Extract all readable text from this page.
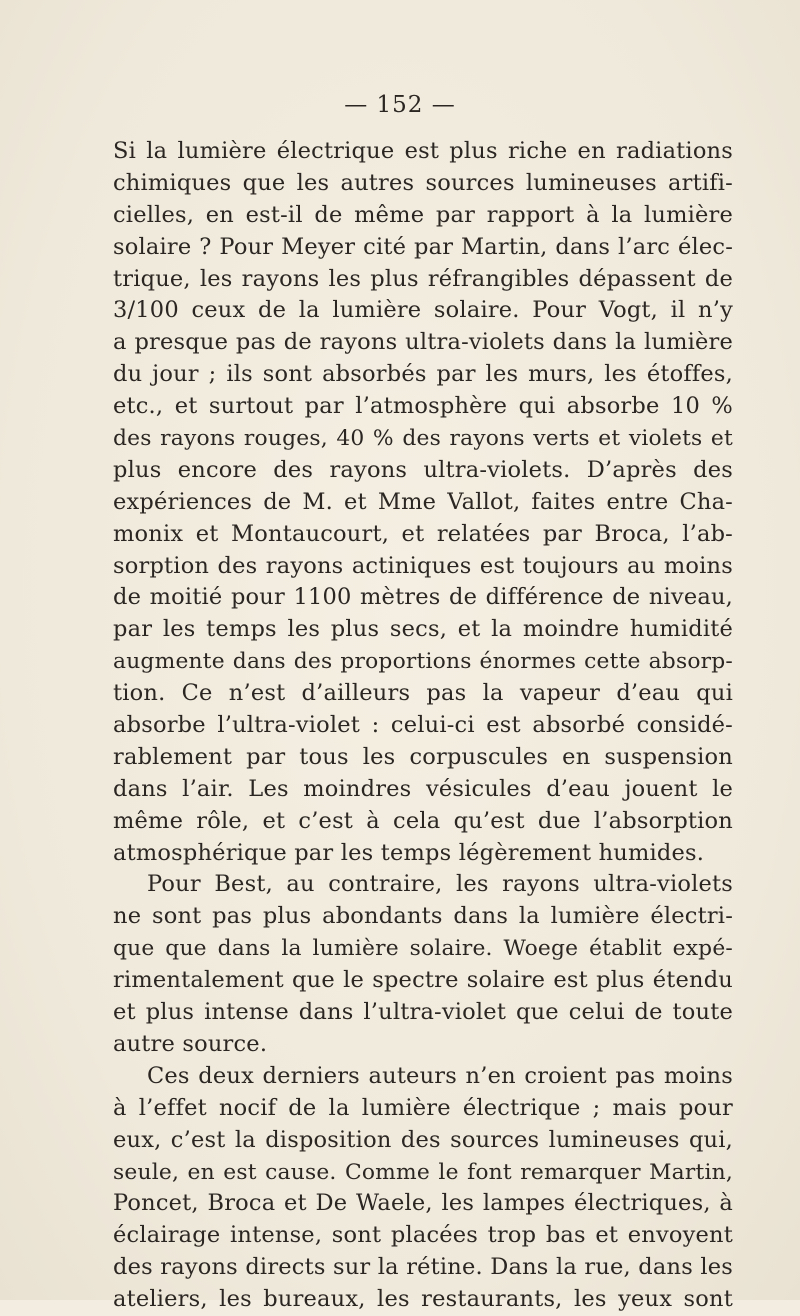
— 152 —
Si la lumière électrique est plus riche en radiations
chimiques que les autres sources lumineuses artifi-
cielles, en est-il de même par rapport à la lumière
solaire ? Pour Meyer cité par Martin, dans l’arc élec-
trique, les rayons les plus réfrangibles dépassent de
3/100 ceux de la lumière solaire. Pour Vogt, il n’y
a presque pas de rayons ultra-violets dans la lumière
du jour ; ils sont absorbés par les murs, les étoffes,
etc., et surtout par l’atmosphère qui absorbe 10 %
des rayons rouges, 40 % des rayons verts et violets et
plus encore des rayons ultra-violets. D’après des
expériences de M. et Mme Vallot, faites entre Cha-
monix et Montaucourt, et relatées par Broca, l’ab-
sorption des rayons actiniques est toujours au moins
de moitié pour 1100 mètres de différence de niveau,
par les temps les plus secs, et la moindre humidité
augmente dans des proportions énormes cette absorp-
tion. Ce n’est d’ailleurs pas la vapeur d’eau qui
absorbe l’ultra-violet : celui-ci est absorbé considé-
rablement par tous les corpuscules en suspension
dans l’air. Les moindres vésicules d’eau jouent le
même rôle, et c’est à cela qu’est due l’absorption
atmosphérique par les temps légèrement humides.
Pour Best, au contraire, les rayons ultra-violets
ne sont pas plus abondants dans la lumière électri-
que que dans la lumière solaire. Woege établit expé-
rimentalement que le spectre solaire est plus étendu
et plus intense dans l’ultra-violet que celui de toute
autre source.
Ces deux derniers auteurs n’en croient pas moins
à l’effet nocif de la lumière électrique ; mais pour
eux, c’est la disposition des sources lumineuses qui,
seule, en est cause. Comme le font remarquer Martin,
Poncet, Broca et De Waele, les lampes électriques, à
éclairage intense, sont placées trop bas et envoyent
des rayons directs sur la rétine. Dans la rue, dans les
ateliers, les bureaux, les restaurants, les yeux sont
